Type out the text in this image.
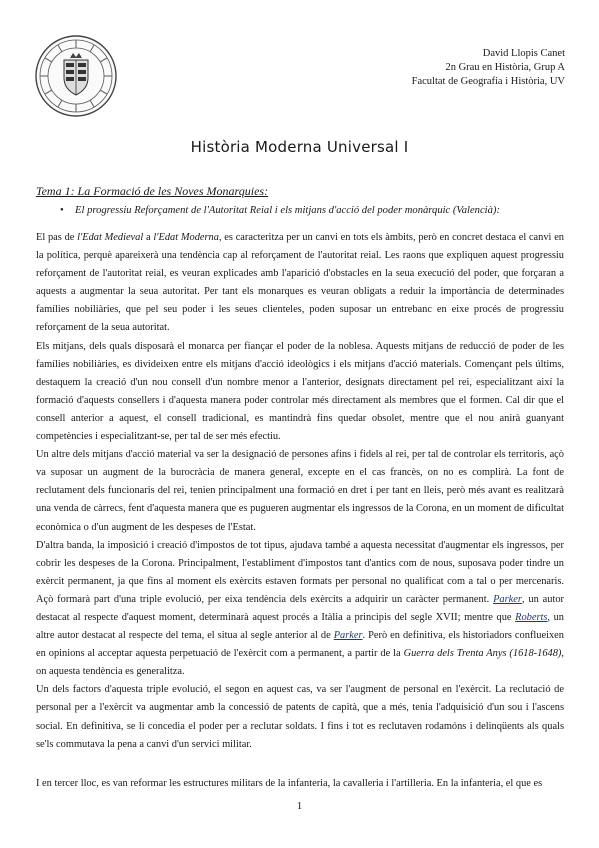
David Llopis Canet
2n Grau en Història, Grup A
Facultat de Geografia i Història, UV
Història Moderna Universal I
Tema 1: La Formació de les Noves Monarquies:
• El progressiu Reforçament de l'Autoritat Reial i els mitjans d'acció del poder monàrquic (Valencià):

El pas de l'Edat Medieval a l'Edat Moderna, es caracteritza per un canvi en tots els àmbits, però en concret destaca el canvi en la política, perquè apareixerà una tendència cap al reforçament de l'autoritat reial. Les raons que expliquen aquest progressiu reforçament de l'autoritat reial, es veuran explicades amb l'aparició d'obstacles en la seua execució del poder, que forçaran a aquests a augmentar la seua autoritat. Per tant els monarques es veuran obligats a reduir la importància de determinades famílies nobiliàries, que pel seu poder i les seues clienteles, poden suposar un entrebanc en eixe procés de progressiu reforçament de la seua autoritat.

Els mitjans, dels quals disposarà el monarca per fiançar el poder de la noblesa. Aquests mitjans de reducció de poder de les famílies nobiliàries, es divideixen entre els mitjans d'acció ideològics i els mitjans d'acció materials. Començant pels últims, destaquem la creació d'un nou consell d'un nombre menor a l'anterior, designats directament pel rei, especialitzant així la formació d'aquests consellers i d'aquesta manera poder controlar més directament als membres que el formen. Cal dir que el consell anterior a aquest, el consell tradicional, es mantindrà fins quedar obsolet, mentre que el nou anirà guanyant competències i especialitzant-se, per tal de ser més efectiu.

Un altre dels mitjans d'acció material va ser la designació de persones afins i fidels al rei, per tal de controlar els territoris, açò va suposar un augment de la burocràcia de manera general, excepte en el cas francès, on no es complirà. La font de reclutament dels funcionaris del rei, tenien principalment una formació en dret i per tant en lleis, però més avant es realitzarà una venda de càrrecs, fent d'aquesta manera que es pugueren augmentar els ingressos de la Corona, en un moment de dificultat econòmica o d'un augment de les despeses de l'Estat.

D'altra banda, la imposició i creació d'impostos de tot tipus, ajudava també a aquesta necessitat d'augmentar els ingressos, per cobrir les despeses de la Corona. Principalment, l'establiment d'impostos tant d'antics com de nous, suposava poder tindre un exèrcit permanent, ja que fins al moment els exèrcits estaven formats per personal no qualificat com a tal o per mercenaris. Açò formarà part d'una triple evolució, per eixa tendència dels exèrcits a adquirir un caràcter permanent. Parker, un autor destacat al respecte d'aquest moment, determinarà aquest procés a Itàlia a principis del segle XVII; mentre que Roberts, un altre autor destacat al respecte del tema, el situa al segle anterior al de Parker. Però en definitiva, els historiadors conflueixen en opinions al acceptar aquesta perpetuació de l'exèrcit com a permanent, a partir de la Guerra dels Trenta Anys (1618-1648), on aquesta tendència es generalitza.

Un dels factors d'aquesta triple evolució, el segon en aquest cas, va ser l'augment de personal en l'exèrcit. La reclutació de personal per a l'exèrcit va augmentar amb la concessió de patents de capità, que a més, tenia l'adquisició d'un sou i l'ascens social. En definitiva, se li concedia el poder per a reclutar soldats. I fins i tot es reclutaven rodamóns i delinqüents als quals se'ls commutava la pena a canvi d'un servici militar.

I en tercer lloc, es van reformar les estructures militars de la infanteria, la cavalleria i l'artilleria. En la infanteria, el que es

1
